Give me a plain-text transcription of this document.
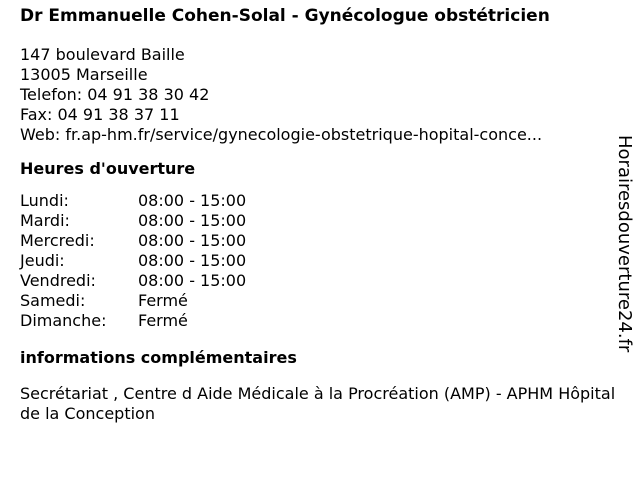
Dr Emmanuelle Cohen-Solal - Gynécologue obstétricien
147 boulevard Baille
13005 Marseille
Telefon: 04 91 38 30 42
Fax: 04 91 38 37 11
Web: fr.ap-hm.fr/service/gynecologie-obstetrique-hopital-conce...
Heures d'ouverture
Lundi:	08:00 - 15:00
Mardi:	08:00 - 15:00
Mercredi:	08:00 - 15:00
Jeudi:	08:00 - 15:00
Vendredi:	08:00 - 15:00
Samedi:	Fermé
Dimanche:	Fermé
informations complémentaires
Secrétariat , Centre d Aide Médicale à la Procréation (AMP) - APHM Hôpital de la Conception
Horairesdouverture24.fr
